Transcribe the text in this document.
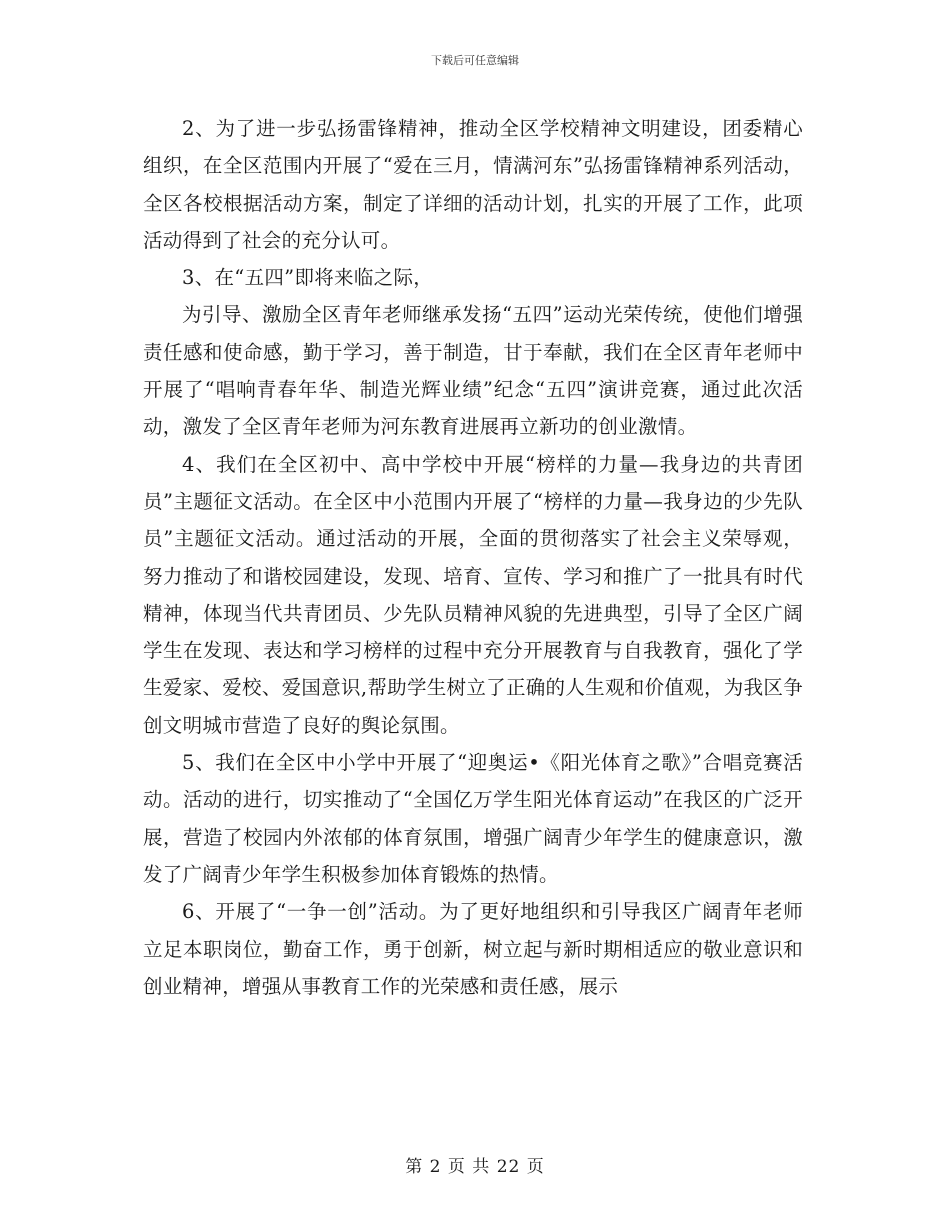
下载后可任意编辑

2、为了进一步弘扬雷锋精神，推动全区学校精神文明建设，团委精心组织，在全区范围内开展了“爱在三月，情满河东”弘扬雷锋精神系列活动，全区各校根据活动方案，制定了详细的活动计划，扎实的开展了工作，此项活动得到了社会的充分认可。

3、在“五四”即将来临之际，

为引导、激励全区青年老师继承发扬“五四”运动光荣传统，使他们增强责任感和使命感，勤于学习，善于制造，甘于奉献，我们在全区青年老师中开展了“唱响青春年华、制造光辉业绩”纪念“五四”演讲竞赛，通过此次活动，激发了全区青年老师为河东教育进展再立新功的创业激情。

4、我们在全区初中、高中学校中开展“榜样的力量—我身边的共青团员”主题征文活动。在全区中小范围内开展了“榜样的力量—我身边的少先队员”主题征文活动。通过活动的开展，全面的贯彻落实了社会主义荣辱观，努力推动了和谐校园建设，发现、培育、宣传、学习和推广了一批具有时代精神，体现当代共青团员、少先队员精神风貌的先进典型，引导了全区广阔学生在发现、表达和学习榜样的过程中充分开展教育与自我教育，强化了学生爱家、爱校、爱国意识,帮助学生树立了正确的人生观和价值观，为我区争创文明城市营造了良好的舆论氛围。

5、我们在全区中小学中开展了“迎奥运•《阳光体育之歌》”合唱竞赛活动。活动的进行，切实推动了“全国亿万学生阳光体育运动”在我区的广泛开展，营造了校园内外浓郁的体育氛围，增强广阔青少年学生的健康意识，激发了广阔青少年学生积极参加体育锻炼的热情。

6、开展了“一争一创”活动。为了更好地组织和引导我区广阔青年老师立足本职岗位，勤奋工作，勇于创新，树立起与新时期相适应的敬业意识和创业精神，增强从事教育工作的光荣感和责任感，展示

第 2 页 共 22 页
